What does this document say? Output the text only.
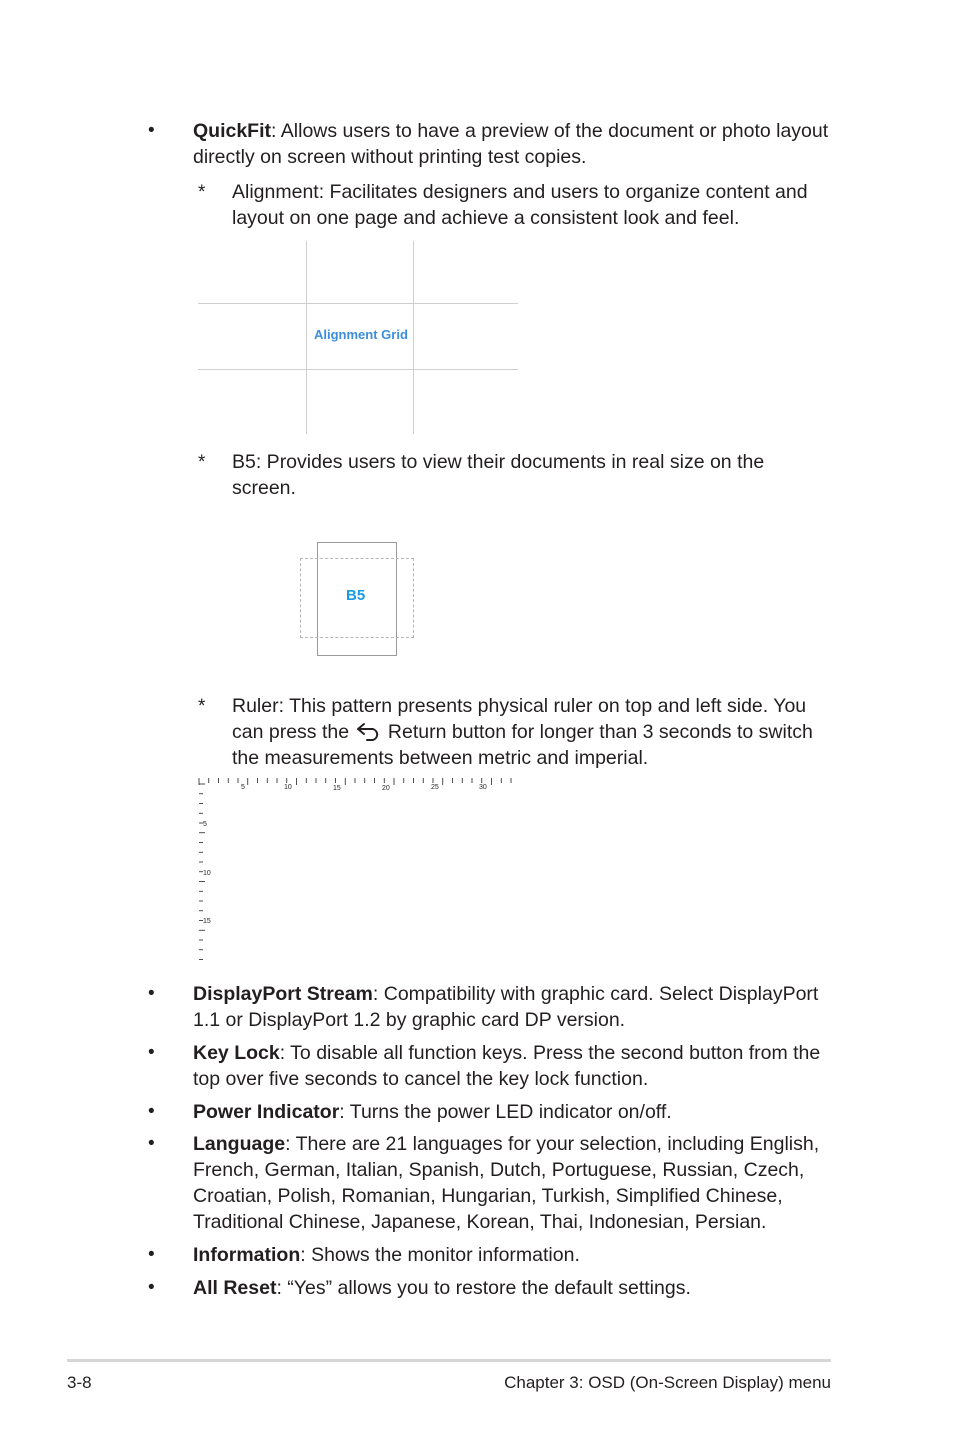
• QuickFit: Allows users to have a preview of the document or photo layout directly on screen without printing test copies.
* Alignment: Facilitates designers and users to organize content and layout on one page and achieve a consistent look and feel.
Alignment Grid
* B5: Provides users to view their documents in real size on the screen.
B5
* Ruler: This pattern presents physical ruler on top and left side. You can press the Return button for longer than 3 seconds to switch the measurements between metric and imperial.
5	10	15	20	25	30
5
10
15
• DisplayPort Stream: Compatibility with graphic card. Select DisplayPort 1.1 or DisplayPort 1.2 by graphic card DP version.
• Key Lock: To disable all function keys. Press the second button from the top over five seconds to cancel the key lock function.
• Power Indicator: Turns the power LED indicator on/off.
• Language: There are 21 languages for your selection, including English, French, German, Italian, Spanish, Dutch, Portuguese, Russian, Czech, Croatian, Polish, Romanian, Hungarian, Turkish, Simplified Chinese, Traditional Chinese, Japanese, Korean, Thai, Indonesian, Persian.
• Information: Shows the monitor information.
• All Reset: “Yes” allows you to restore the default settings.
3-8	Chapter 3: OSD (On-Screen Display) menu
